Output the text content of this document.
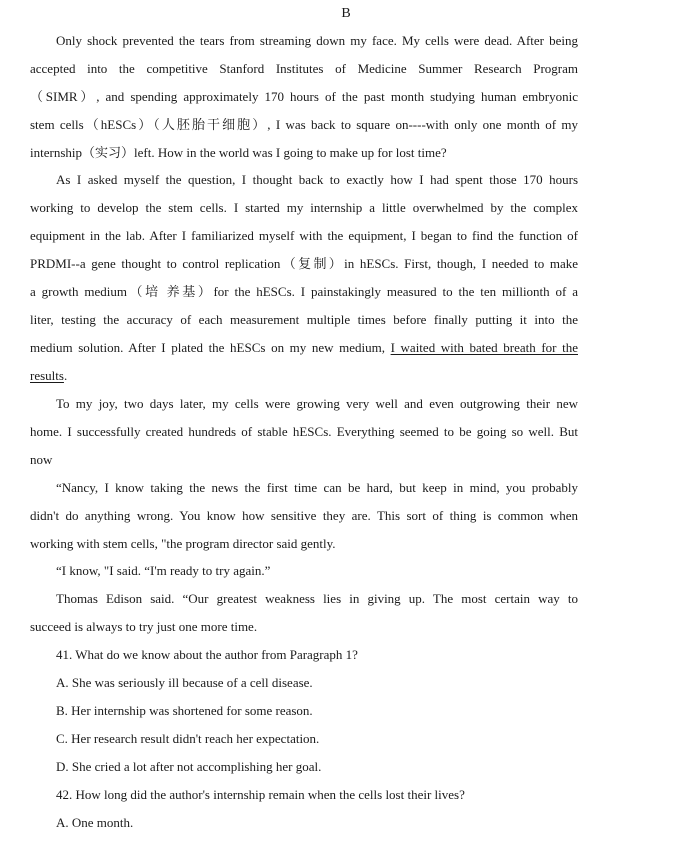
B
Only shock prevented the tears from streaming down my face. My cells were dead. After being
accepted into the competitive Stanford Institutes of Medicine Summer Research Program
（SIMR）, and spending approximately 170 hours of the past month studying human embryonic
stem cells（hESCs）（人胚胎干细胞）, I was back to square on----with only one month of my
internship（实习）left. How in the world was I going to make up for lost time?
As I asked myself the question, I thought back to exactly how I had spent those 170 hours
working to develop the stem cells. I started my internship a little overwhelmed by the complex
equipment in the lab. After I familiarized myself with the equipment, I began to find the function of
PRDMI--a gene thought to control replication（复制）in hESCs. First, though, I needed to make
a growth medium（培 养基）for the hESCs. I painstakingly measured to the ten millionth of a
liter, testing the accuracy of each measurement multiple times before finally putting it into the
medium solution. After I plated the hESCs on my new medium, I waited with bated breath for the
results.
To my joy, two days later, my cells were growing very well and even outgrowing their new
home. I successfully created hundreds of stable hESCs. Everything seemed to be going so well. But
now
“Nancy, I know taking the news the first time can be hard, but keep in mind, you probably
didn't do anything wrong. You know how sensitive they are. This sort of thing is common when
working with stem cells, "the program director said gently.
“I know, "I said. “I'm ready to try again.”
Thomas Edison said. “Our greatest weakness lies in giving up. The most certain way to
succeed is always to try just one more time.
41. What do we know about the author from Paragraph 1?
A. She was seriously ill because of a cell disease.
B. Her internship was shortened for some reason.
C. Her research result didn't reach her expectation.
D. She cried a lot after not accomplishing her goal.
42. How long did the author's internship remain when the cells lost their lives?
A. One month.
